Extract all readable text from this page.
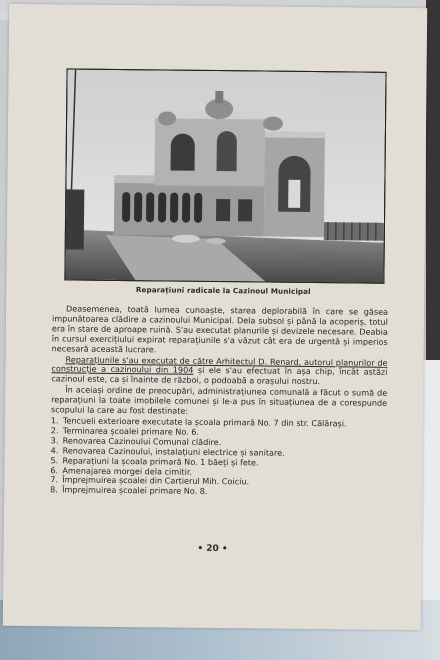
Reparațiuni radicale la Cazinoul Municipal

Deasemenea, toată lumea cunoaște, starea deplorabilă în care se găsea impunătoarea clădire a cazinoului Municipal. Dela subsol și până la acoperiș, totul era în stare de aproape ruină. S'au executat planurile și devizele necesare. Deabia în cursul exercițiului expirat reparațiunile s'a văzut cât era de urgentă și imperios necesară această lucrare.

Reparațiunile s'au executat de către Arhitectul D. Renard, autorul planurilor de construcție a cazinoului din 1904 și ele s'au efectuat în așa chip, încât astăzi cazinoul este, ca și înainte de război, o podoabă a orașului nostru.

În aceiași ordine de preocupări, administrațiunea comunală a făcut o sumă de reparațiuni la toate imobilele comunei și le-a pus în situațiunea de a corespunde scopului la care au fost destinate:

1. Tencueli exterioare executate la școala primară No. 7 din str. Călărași.
2. Terminarea școalei primare No. 6.
3. Renovarea Cazinoului Comunal clădire.
4. Renovarea Cazinoului, instalațiuni electrice și sanitare.
5. Reparațiuni la școala primară No. 1 băeți și fete.
6. Amenajarea morgei dela cimitir.
7. Împrejmuirea școalei din Cartierul Mih. Coiciu.
8. Împrejmuirea școalei primare No. 8.
• 20 •
